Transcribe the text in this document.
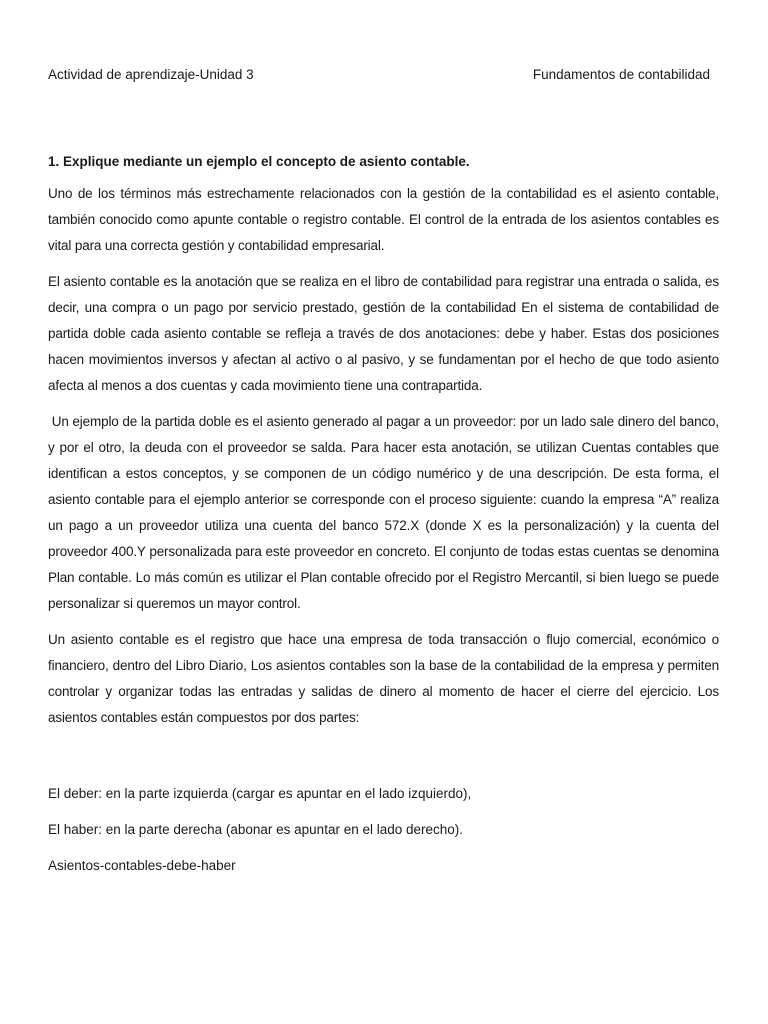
Actividad de aprendizaje-Unidad 3	Fundamentos de contabilidad

1. Explique mediante un ejemplo el concepto de asiento contable.

Uno de los términos más estrechamente relacionados con la gestión de la contabilidad es el asiento contable, también conocido como apunte contable o registro contable. El control de la entrada de los asientos contables es vital para una correcta gestión y contabilidad empresarial.

El asiento contable es la anotación que se realiza en el libro de contabilidad para registrar una entrada o salida, es decir, una compra o un pago por servicio prestado, gestión de la contabilidad En el sistema de contabilidad de partida doble cada asiento contable se refleja a través de dos anotaciones: debe y haber. Estas dos posiciones hacen movimientos inversos y afectan al activo o al pasivo, y se fundamentan por el hecho de que todo asiento afecta al menos a dos cuentas y cada movimiento tiene una contrapartida.

Un ejemplo de la partida doble es el asiento generado al pagar a un proveedor: por un lado sale dinero del banco, y por el otro, la deuda con el proveedor se salda. Para hacer esta anotación, se utilizan Cuentas contables que identifican a estos conceptos, y se componen de un código numérico y de una descripción. De esta forma, el asiento contable para el ejemplo anterior se corresponde con el proceso siguiente: cuando la empresa “A” realiza un pago a un proveedor utiliza una cuenta del banco 572.X (donde X es la personalización) y la cuenta del proveedor 400.Y personalizada para este proveedor en concreto. El conjunto de todas estas cuentas se denomina Plan contable. Lo más común es utilizar el Plan contable ofrecido por el Registro Mercantil, si bien luego se puede personalizar si queremos un mayor control.

Un asiento contable es el registro que hace una empresa de toda transacción o flujo comercial, económico o financiero, dentro del Libro Diario, Los asientos contables son la base de la contabilidad de la empresa y permiten controlar y organizar todas las entradas y salidas de dinero al momento de hacer el cierre del ejercicio. Los asientos contables están compuestos por dos partes:

El deber: en la parte izquierda (cargar es apuntar en el lado izquierdo),

El haber: en la parte derecha (abonar es apuntar en el lado derecho).

Asientos-contables-debe-haber
